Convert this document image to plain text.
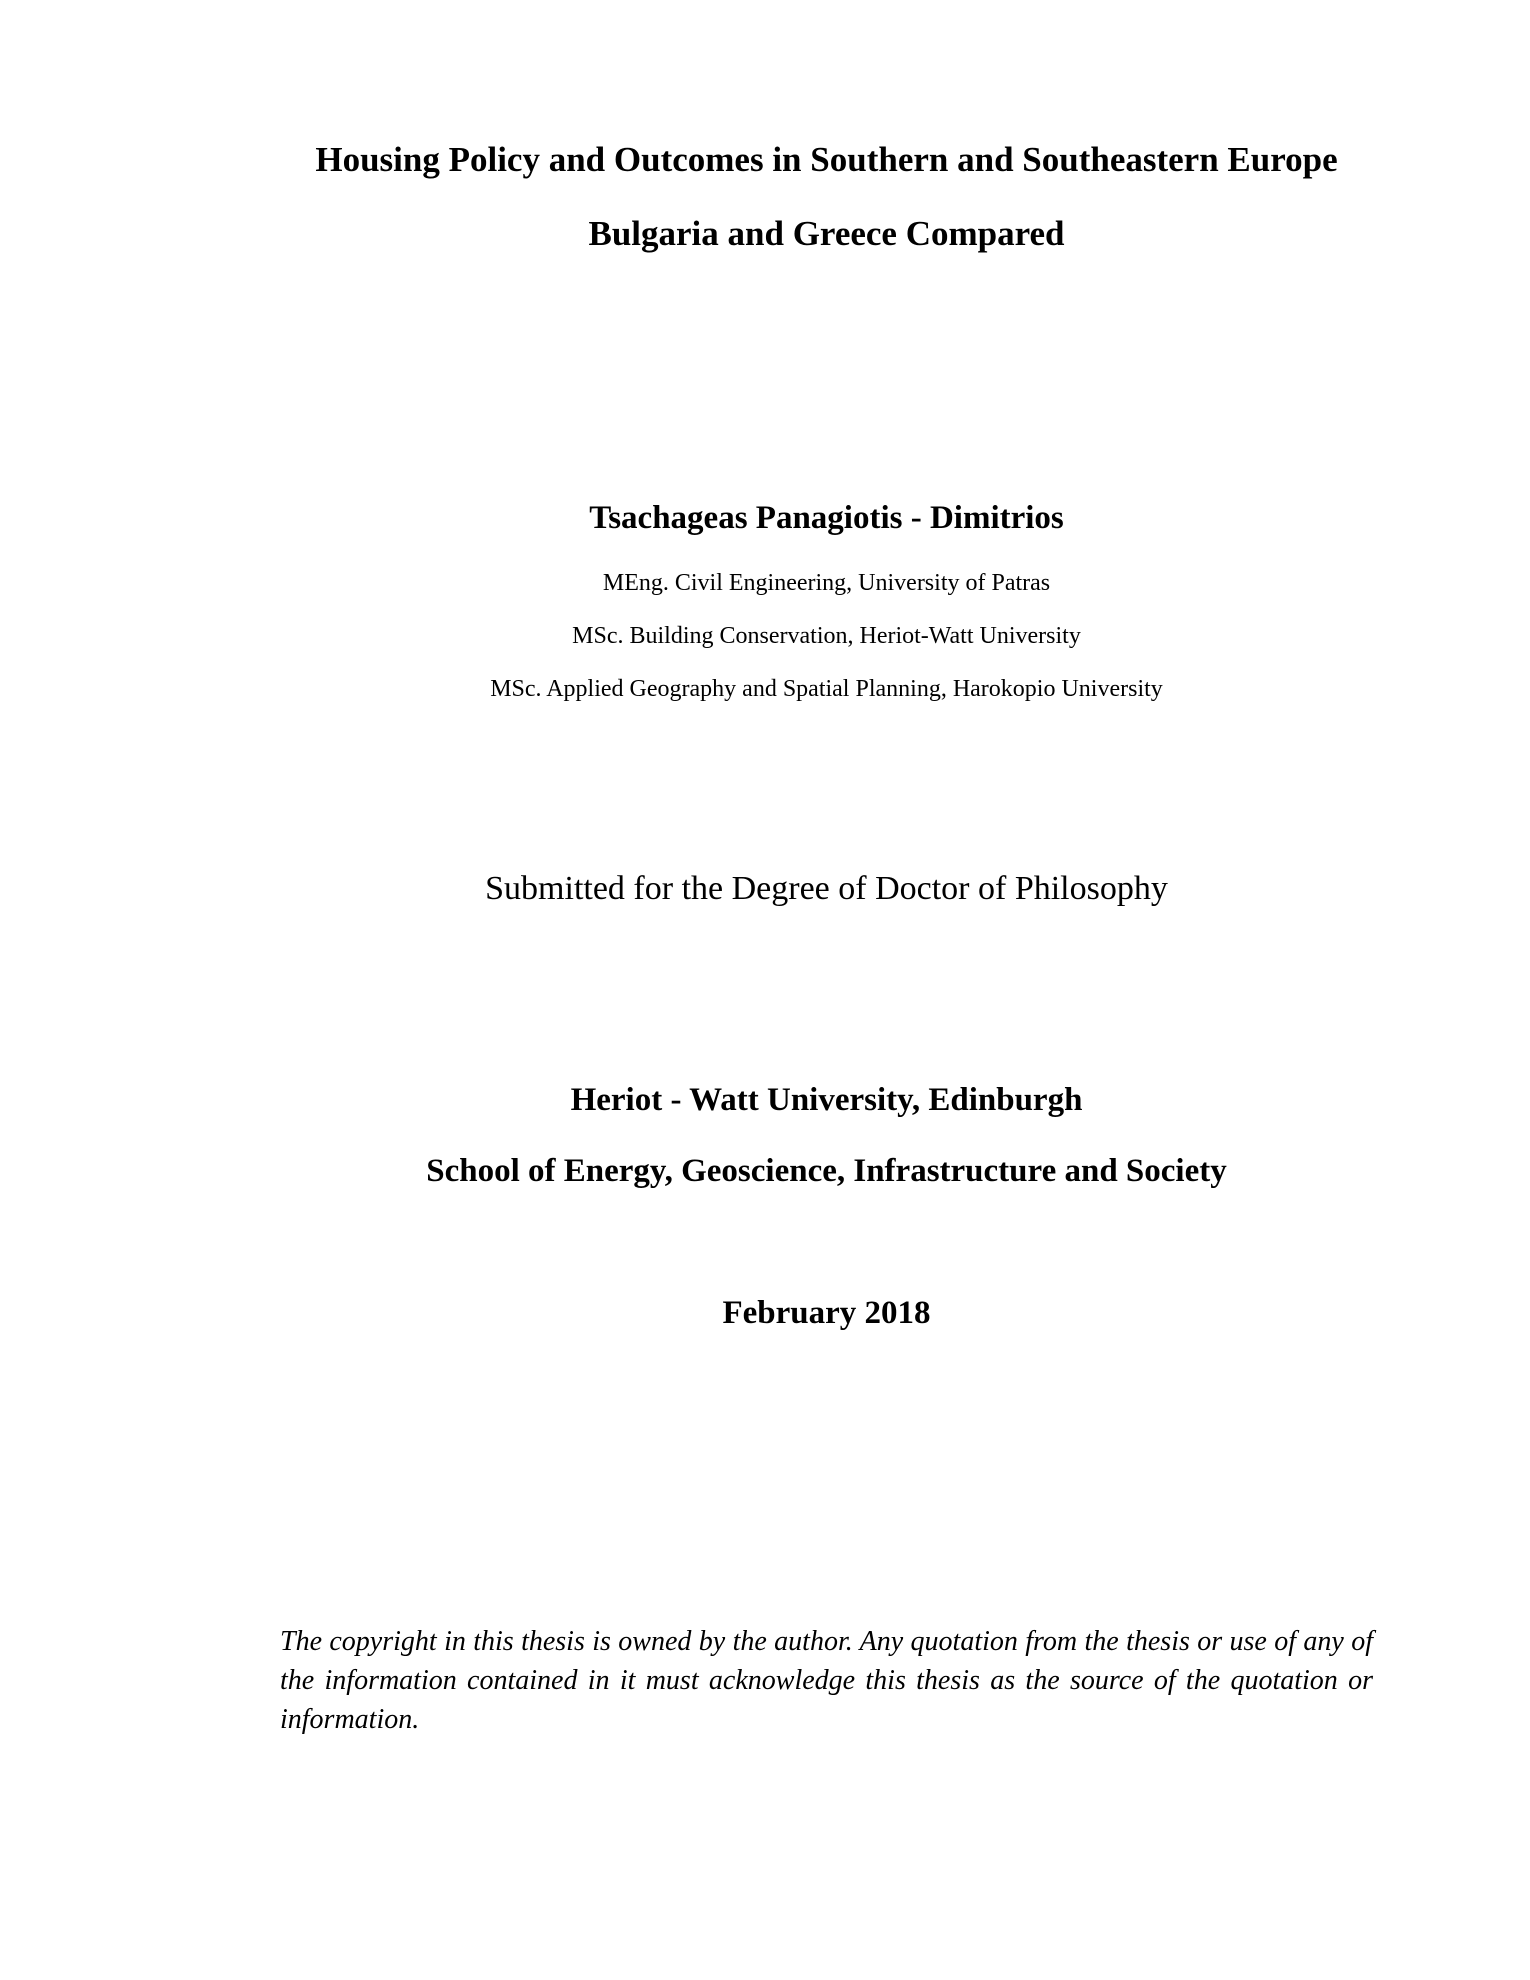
Housing Policy and Outcomes in Southern and Southeastern Europe
Bulgaria and Greece Compared
Tsachageas Panagiotis - Dimitrios
MEng. Civil Engineering, University of Patras
MSc. Building Conservation, Heriot-Watt University
MSc. Applied Geography and Spatial Planning, Harokopio University
Submitted for the Degree of Doctor of Philosophy
Heriot - Watt University, Edinburgh
School of Energy, Geoscience, Infrastructure and Society
February 2018
The copyright in this thesis is owned by the author. Any quotation from the thesis or use of any of the information contained in it must acknowledge this thesis as the source of the quotation or information.
